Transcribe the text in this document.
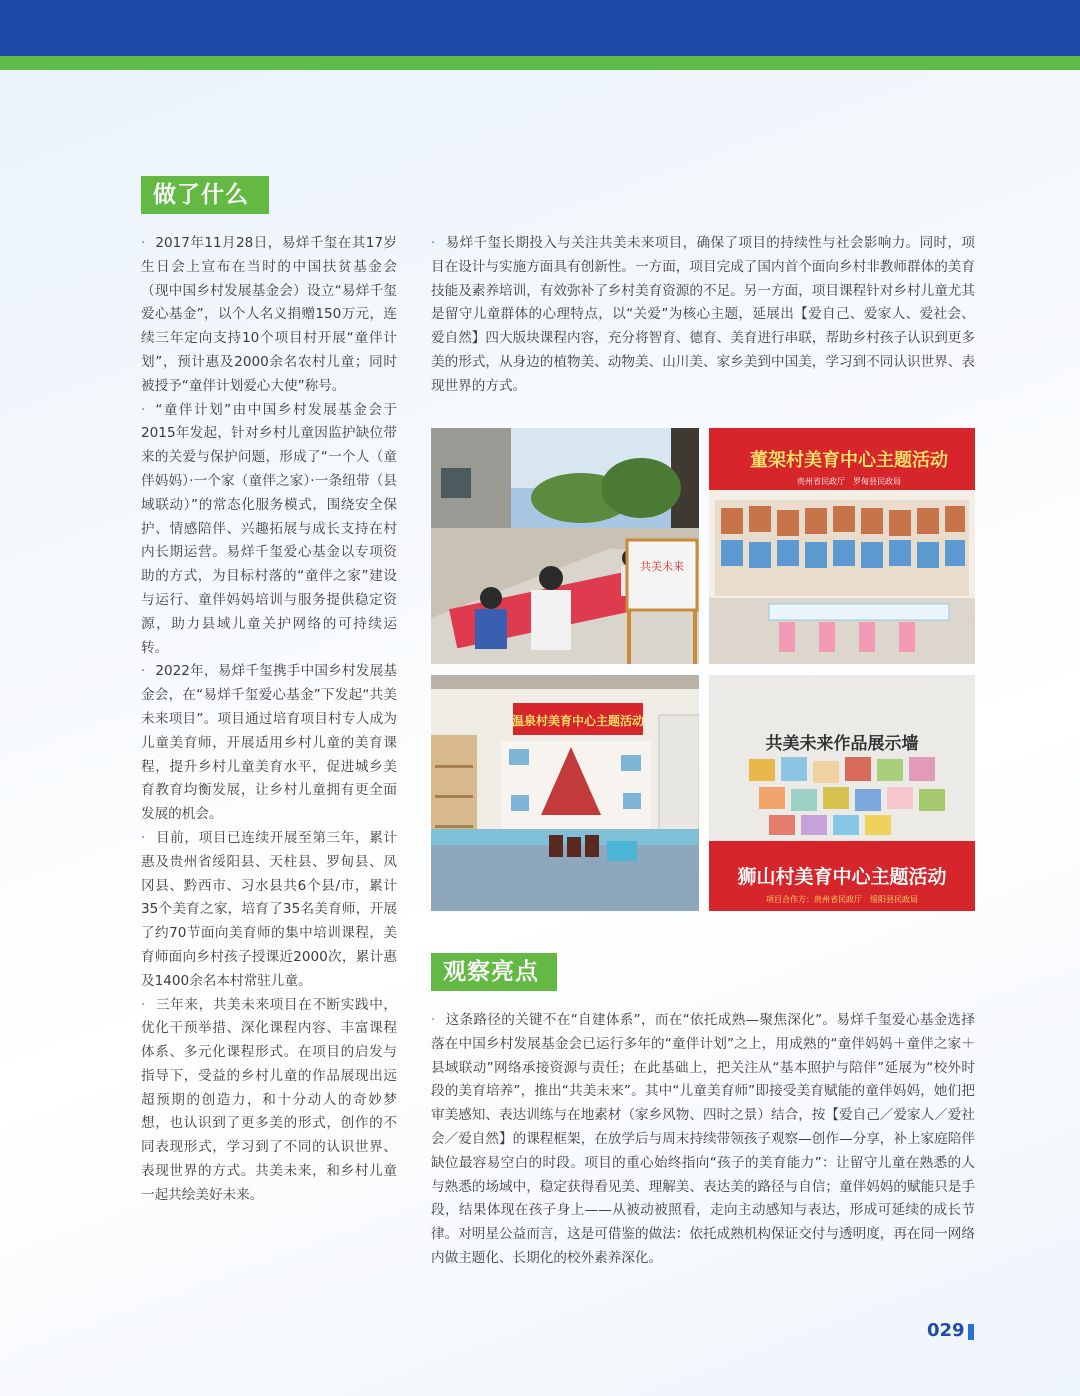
做了什么

· 2017年11月28日，易烊千玺在其17岁生日会上宣布在当时的中国扶贫基金会（现中国乡村发展基金会）设立“易烊千玺爱心基金”，以个人名义捐赠150万元，连续三年定向支持10个项目村开展“童伴计划”，预计惠及2000余名农村儿童；同时被授予“童伴计划爱心大使”称号。

· “童伴计划”由中国乡村发展基金会于2015年发起，针对乡村儿童因监护缺位带来的关爱与保护问题，形成了“一个人（童伴妈妈）·一个家（童伴之家）·一条纽带（县域联动）”的常态化服务模式，围绕安全保护、情感陪伴、兴趣拓展与成长支持在村内长期运营。易烊千玺爱心基金以专项资助的方式，为目标村落的“童伴之家”建设与运行、童伴妈妈培训与服务提供稳定资源，助力县域儿童关护网络的可持续运转。

· 2022年，易烊千玺携手中国乡村发展基金会，在“易烊千玺爱心基金”下发起“共美未来项目”。项目通过培育项目村专人成为儿童美育师，开展适用乡村儿童的美育课程，提升乡村儿童美育水平，促进城乡美育教育均衡发展，让乡村儿童拥有更全面发展的机会。

· 目前，项目已连续开展至第三年，累计惠及贵州省绥阳县、天柱县、罗甸县、凤冈县、黔西市、习水县共6个县/市，累计35个美育之家，培育了35名美育师，开展了约70节面向美育师的集中培训课程，美育师面向乡村孩子授课近2000次，累计惠及1400余名本村常驻儿童。

· 三年来，共美未来项目在不断实践中，优化干预举措、深化课程内容、丰富课程体系、多元化课程形式。在项目的启发与指导下，受益的乡村儿童的作品展现出远超预期的创造力，和十分动人的奇妙梦想，也认识到了更多美的形式，创作的不同表现形式，学习到了不同的认识世界、表现世界的方式。共美未来，和乡村儿童一起共绘美好未来。

· 易烊千玺长期投入与关注共美未来项目，确保了项目的持续性与社会影响力。同时，项目在设计与实施方面具有创新性。一方面，项目完成了国内首个面向乡村非教师群体的美育技能及素养培训，有效弥补了乡村美育资源的不足。另一方面，项目课程针对乡村儿童尤其是留守儿童群体的心理特点，以“关爱”为核心主题，延展出【爱自己、爱家人、爱社会、爱自然】四大版块课程内容，充分将智育、德育、美育进行串联，帮助乡村孩子认识到更多美的形式，从身边的植物美、动物美、山川美、家乡美到中国美，学习到不同认识世界、表现世界的方式。

共美未来
董架村美育中心主题活动
贵州省民政厅　罗甸县民政局
温泉村美育中心主题活动
共美未来作品展示墙
狮山村美育中心主题活动
项目合作方：贵州省民政厅　绥阳县民政局
观察亮点

· 这条路径的关键不在“自建体系”，而在“依托成熟—聚焦深化”。易烊千玺爱心基金选择落在中国乡村发展基金会已运行多年的“童伴计划”之上，用成熟的“童伴妈妈＋童伴之家＋县域联动”网络承接资源与责任；在此基础上，把关注从“基本照护与陪伴”延展为“校外时段的美育培养”，推出“共美未来”。其中“儿童美育师”即接受美育赋能的童伴妈妈，她们把审美感知、表达训练与在地素材（家乡风物、四时之景）结合，按【爱自己／爱家人／爱社会／爱自然】的课程框架，在放学后与周末持续带领孩子观察—创作—分享，补上家庭陪伴缺位最容易空白的时段。项目的重心始终指向“孩子的美育能力”：让留守儿童在熟悉的人与熟悉的场域中，稳定获得看见美、理解美、表达美的路径与自信；童伴妈妈的赋能只是手段，结果体现在孩子身上——从被动被照看，走向主动感知与表达，形成可延续的成长节律。对明星公益而言，这是可借鉴的做法：依托成熟机构保证交付与透明度，再在同一网络内做主题化、长期化的校外素养深化。

029
